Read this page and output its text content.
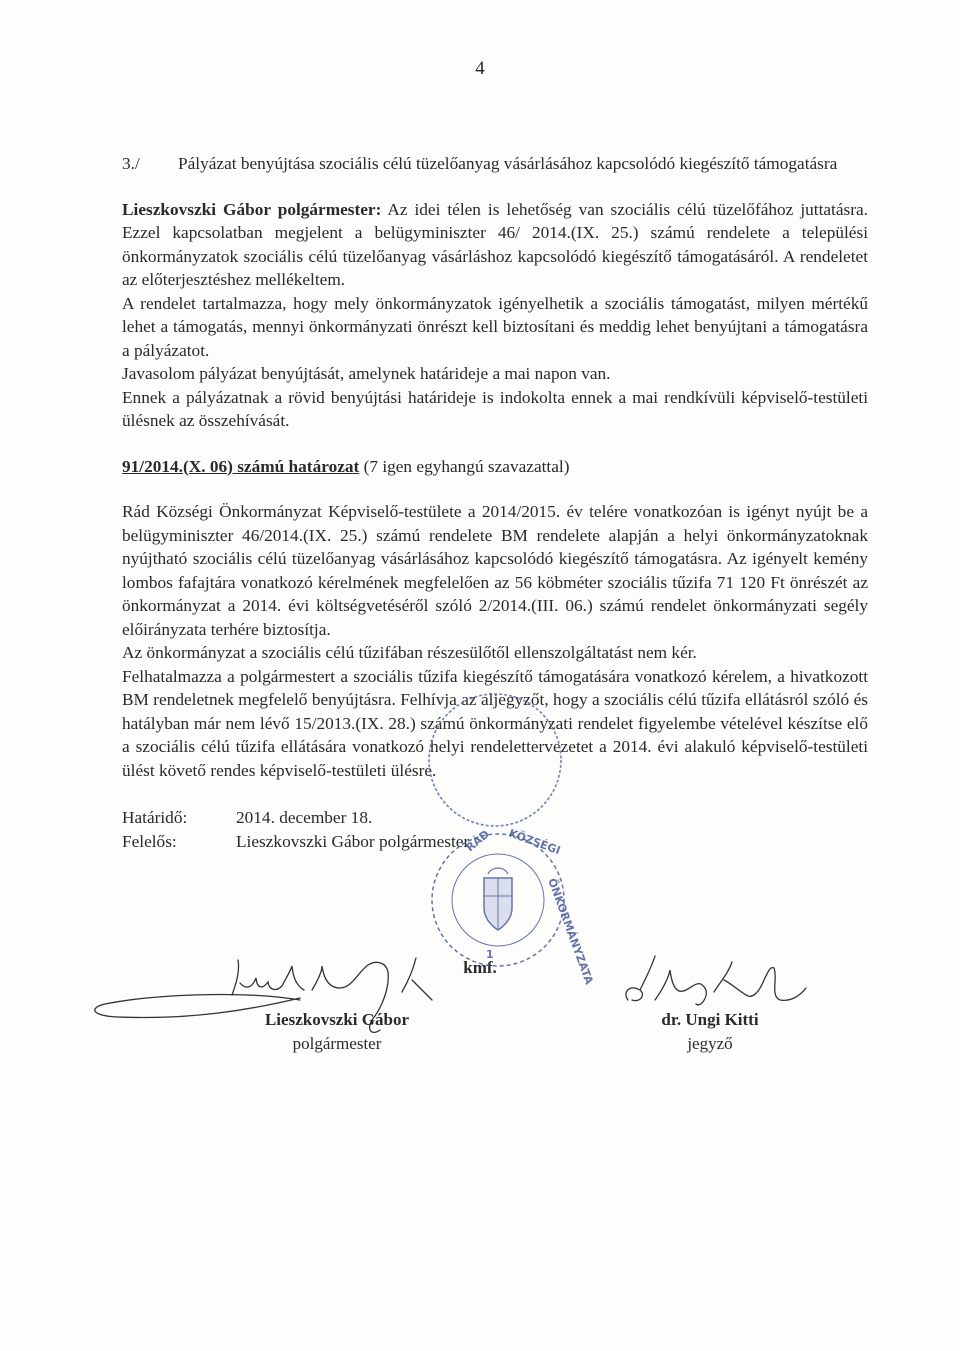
4
3./	Pályázat benyújtása szociális célú tüzelőanyag vásárlásához kapcsolódó kiegészítő támogatásra

Lieszkovszki Gábor polgármester: Az idei télen is lehetőség van szociális célú tüzelőfához juttatásra. Ezzel kapcsolatban megjelent a belügyminiszter 46/ 2014.(IX. 25.) számú rendelete a települési önkormányzatok szociális célú tüzelőanyag vásárláshoz kapcsolódó kiegészítő támogatásáról. A rendeletet az előterjesztéshez mellékeltem.

A rendelet tartalmazza, hogy mely önkormányzatok igényelhetik a szociális támogatást, milyen mértékű lehet a támogatás, mennyi önkormányzati önrészt kell biztosítani és meddig lehet benyújtani a támogatásra a pályázatot.

Javasolom pályázat benyújtását, amelynek határideje a mai napon van.

Ennek a pályázatnak a rövid benyújtási határideje is indokolta ennek a mai rendkívüli képviselő-testületi ülésnek az összehívását.

91/2014.(X. 06) számú határozat (7 igen egyhangú szavazattal)

Rád Községi Önkormányzat Képviselő-testülete a 2014/2015. év telére vonatkozóan is igényt nyújt be a belügyminiszter 46/2014.(IX. 25.) számú rendelete BM rendelete alapján a helyi önkormányzatoknak nyújtható szociális célú tüzelőanyag vásárlásához kapcsolódó kiegészítő támogatásra. Az igényelt kemény lombos fafajtára vonatkozó kérelmének megfelelően az 56 köbméter szociális tűzifa 71 120 Ft önrészét az önkormányzat a 2014. évi költségvetéséről szóló 2/2014.(III. 06.) számú rendelet önkormányzati segély előirányzata terhére biztosítja.

Az önkormányzat a szociális célú tűzifában részesülőtől ellenszolgáltatást nem kér.

Felhatalmazza a polgármestert a szociális tűzifa kiegészítő támogatására vonatkozó kérelem, a hivatkozott BM rendeletnek megfelelő benyújtásra. Felhívja az aljegyzőt, hogy a szociális célú tűzifa ellátásról szóló és hatályban már nem lévő 15/2013.(IX. 28.) számú önkormányzati rendelet figyelembe vételével készítse elő a szociális célú tűzifa ellátására vonatkozó helyi rendelettervezetet a 2014. évi alakuló képviselő-testületi ülést követő rendes képviselő-testületi ülésre.

Határidő:	2014. december 18.
Felelős:	Lieszkovszki Gábor polgármester
kmf.
RÁD KÖZSÉGI
ÖNKORMÁNYZATA
1
Lieszkovszki Gábor
polgármester
dr. Ungi Kitti
jegyző
